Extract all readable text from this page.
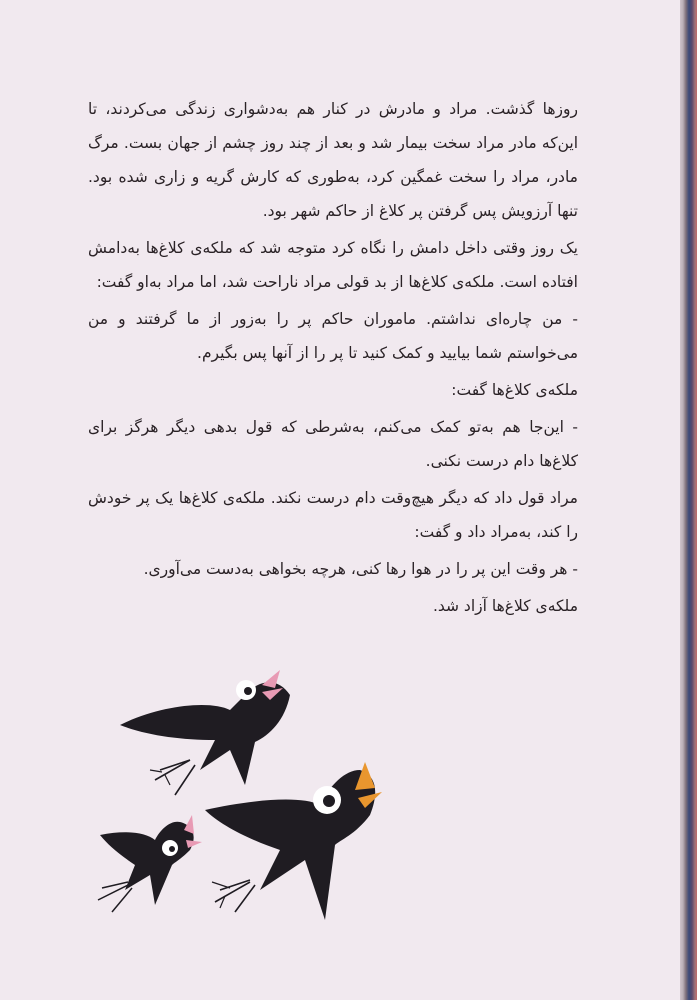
روزها گذشت. مراد و مادرش در کنار هم به‌دشواری زندگی می‌کردند، تا این‌که مادر مراد سخت بیمار شد و بعد از چند روز چشم از جهان بست. مرگ مادر، مراد را سخت غمگین کرد، به‌طوری که کارش گریه و زاری شده بود. تنها آرزویش پس گرفتن پر کلاغ از حاکم شهر بود.

یک روز وقتی داخل دامش را نگاه کرد متوجه شد که ملکه‌ی کلاغ‌ها به‌دامش افتاده است. ملکه‌ی کلاغ‌ها از بد قولی مراد ناراحت شد، اما مراد به‌او گفت:

- من چاره‌ای نداشتم. ماموران حاکم پر را به‌زور از ما گرفتند و من می‌خواستم شما بیایید و کمک کنید تا پر را از آنها پس بگیرم.

ملکه‌ی کلاغ‌ها گفت:

- این‌جا هم به‌تو کمک می‌کنم، به‌شرطی که قول بدهی دیگر هرگز برای کلاغ‌ها دام درست نکنی.

مراد قول داد که دیگر هیچ‌وقت دام درست نکند. ملکه‌ی کلاغ‌ها یک پر خودش را کند، به‌مراد داد و گفت:

- هر وقت این پر را در هوا رها کنی، هرچه بخواهی به‌دست می‌آوری.

ملکه‌ی کلاغ‌ها آزاد شد.
